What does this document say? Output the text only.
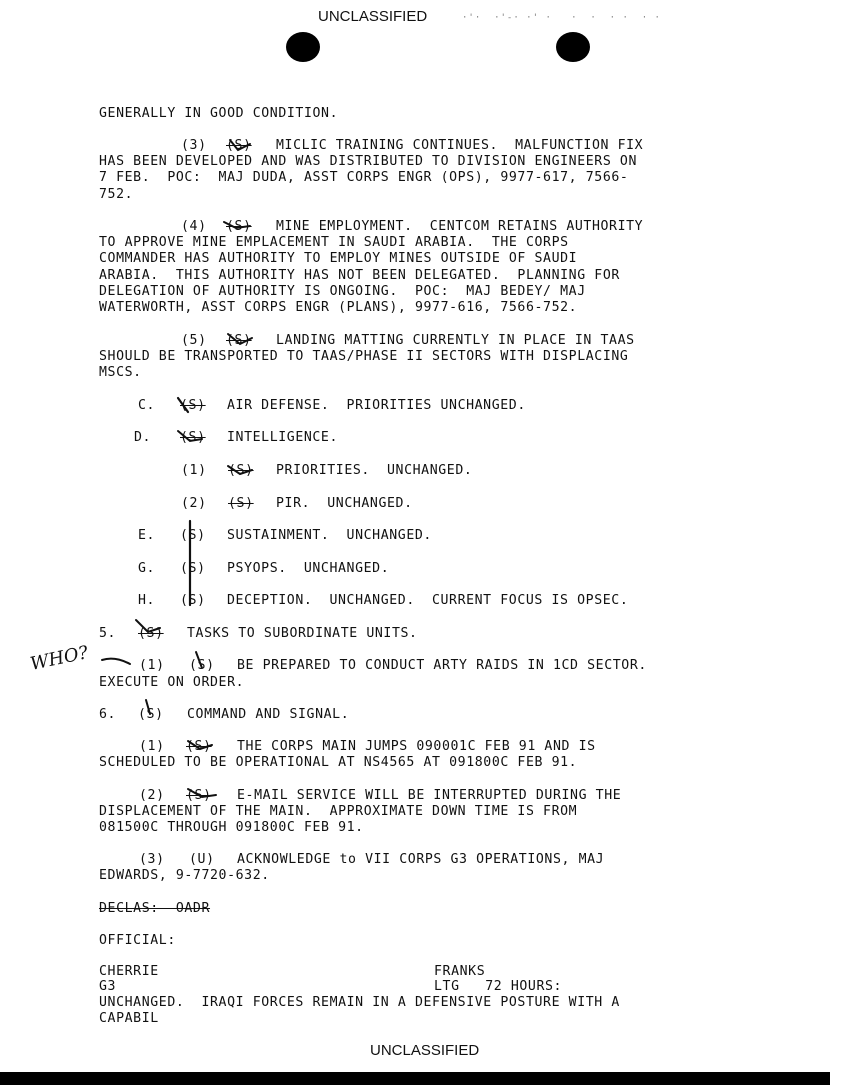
UNCLASSIFIED	·'·  ·'-· ·' ·   ·  ·  · ·  · ·
GENERALLY IN GOOD CONDITION.
(3) (S) MICLIC TRAINING CONTINUES.  MALFUNCTION FIX
HAS BEEN DEVELOPED AND WAS DISTRIBUTED TO DIVISION ENGINEERS ON
7 FEB.  POC:  MAJ DUDA, ASST CORPS ENGR (OPS), 9977-617, 7566-
752.
(4) (S) MINE EMPLOYMENT.  CENTCOM RETAINS AUTHORITY
TO APPROVE MINE EMPLACEMENT IN SAUDI ARABIA.  THE CORPS
COMMANDER HAS AUTHORITY TO EMPLOY MINES OUTSIDE OF SAUDI
ARABIA.  THIS AUTHORITY HAS NOT BEEN DELEGATED.  PLANNING FOR
DELEGATION OF AUTHORITY IS ONGOING.  POC:  MAJ BEDEY/ MAJ
WATERWORTH, ASST CORPS ENGR (PLANS), 9977-616, 7566-752.
(5) (S) LANDING MATTING CURRENTLY IN PLACE IN TAAS
SHOULD BE TRANSPORTED TO TAAS/PHASE II SECTORS WITH DISPLACING
MSCS.
C. (S) AIR DEFENSE.  PRIORITIES UNCHANGED.
D. (S) INTELLIGENCE.
(1) (S) PRIORITIES.  UNCHANGED.
(2) (S) PIR.  UNCHANGED.
E. (S) SUSTAINMENT.  UNCHANGED.
G. (S) PSYOPS.  UNCHANGED.
H. (S) DECEPTION.  UNCHANGED.  CURRENT FOCUS IS OPSEC.
5. (S) TASKS TO SUBORDINATE UNITS.
(1) (S) BE PREPARED TO CONDUCT ARTY RAIDS IN 1CD SECTOR.
EXECUTE ON ORDER.
6. (S) COMMAND AND SIGNAL.
(1) (S) THE CORPS MAIN JUMPS 090001C FEB 91 AND IS
SCHEDULED TO BE OPERATIONAL AT NS4565 AT 091800C FEB 91.
(2) (S) E-MAIL SERVICE WILL BE INTERRUPTED DURING THE
DISPLACEMENT OF THE MAIN.  APPROXIMATE DOWN TIME IS FROM
081500C THROUGH 091800C FEB 91.
(3) (U) ACKNOWLEDGE to VII CORPS G3 OPERATIONS, MAJ
EDWARDS, 9-7720-632.
DECLAS:  OADR
OFFICIAL:
CHERRIE
G3
FRANKS
LTG   72 HOURS:
UNCHANGED.  IRAQI FORCES REMAIN IN A DEFENSIVE POSTURE WITH A
CAPABIL
UNCLASSIFIED
WHO?
